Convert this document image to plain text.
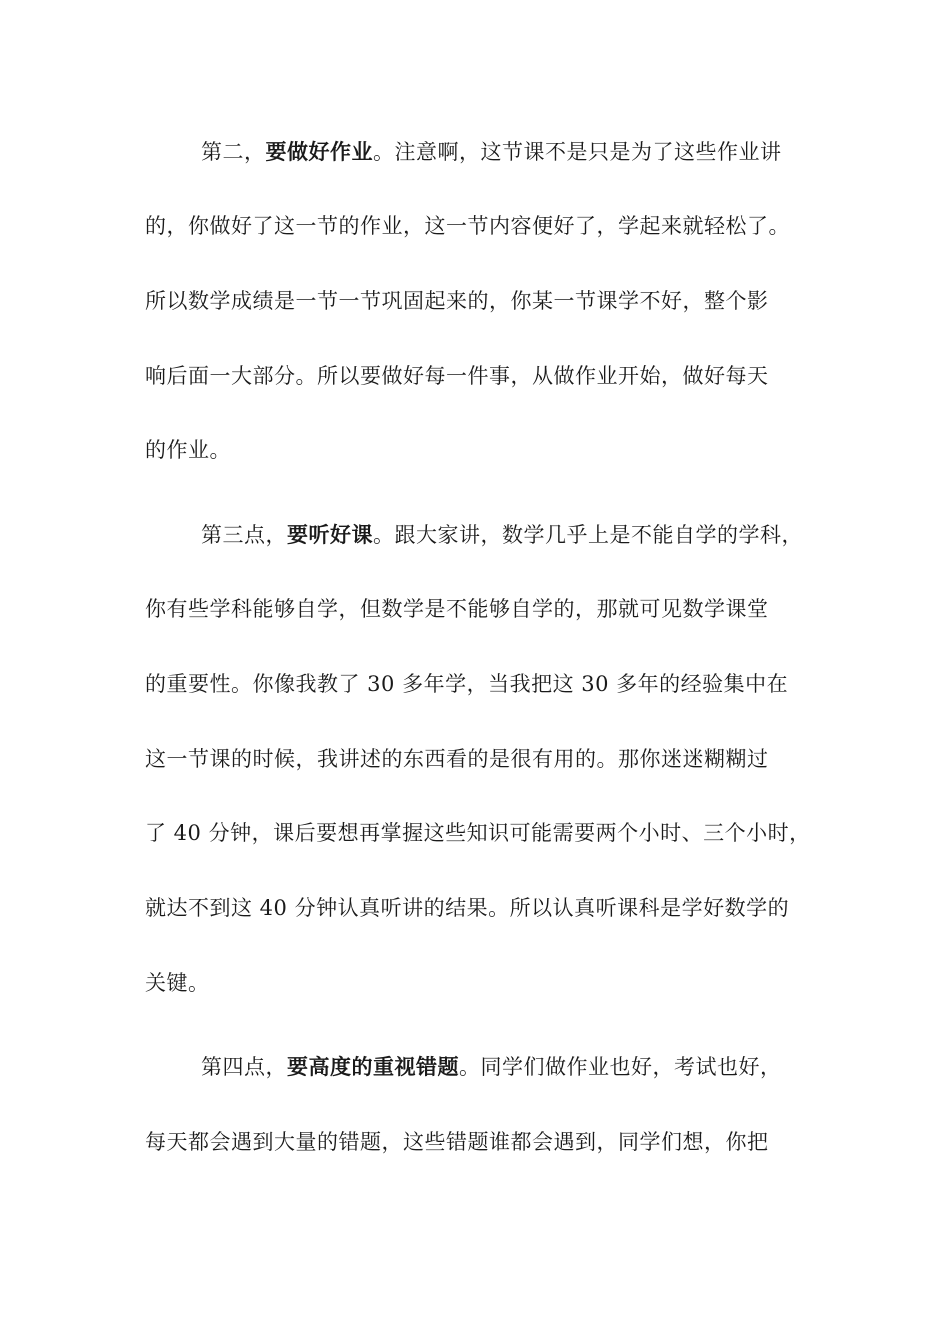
第二，要做好作业。注意啊，这节课不是只是为了这些作业讲
的，你做好了这一节的作业，这一节内容便好了，学起来就轻松了。
所以数学成绩是一节一节巩固起来的，你某一节课学不好，整个影
响后面一大部分。所以要做好每一件事，从做作业开始，做好每天
的作业。
第三点，要听好课。跟大家讲，数学几乎上是不能自学的学科，
你有些学科能够自学，但数学是不能够自学的，那就可见数学课堂
的重要性。你像我教了 30 多年学，当我把这 30 多年的经验集中在
这一节课的时候，我讲述的东西看的是很有用的。那你迷迷糊糊过
了 40 分钟，课后要想再掌握这些知识可能需要两个小时、三个小时，
就达不到这 40 分钟认真听讲的结果。所以认真听课科是学好数学的
关键。
第四点，要高度的重视错题。同学们做作业也好，考试也好，
每天都会遇到大量的错题，这些错题谁都会遇到，同学们想，你把
